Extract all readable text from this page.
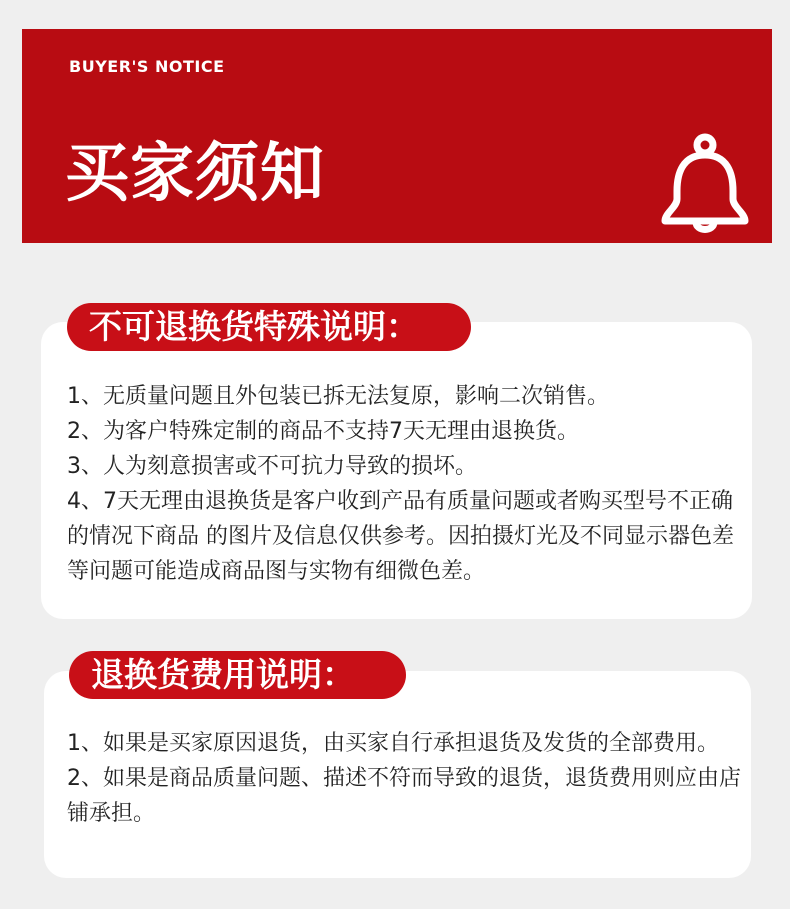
BUYER'S NOTICE
买家须知
不可退换货特殊说明：
1、无质量问题且外包装已拆无法复原，影响二次销售。
2、为客户特殊定制的商品不支持7天无理由退换货。
3、人为刻意损害或不可抗力导致的损坏。
4、7天无理由退换货是客户收到产品有质量问题或者购买型号不正确的情况下商品 的图片及信息仅供参考。因拍摄灯光及不同显示器色差等问题可能造成商品图与实物有细微色差。
退换货费用说明：
1、如果是买家原因退货，由买家自行承担退货及发货的全部费用。
2、如果是商品质量问题、描述不符而导致的退货，退货费用则应由店铺承担。
